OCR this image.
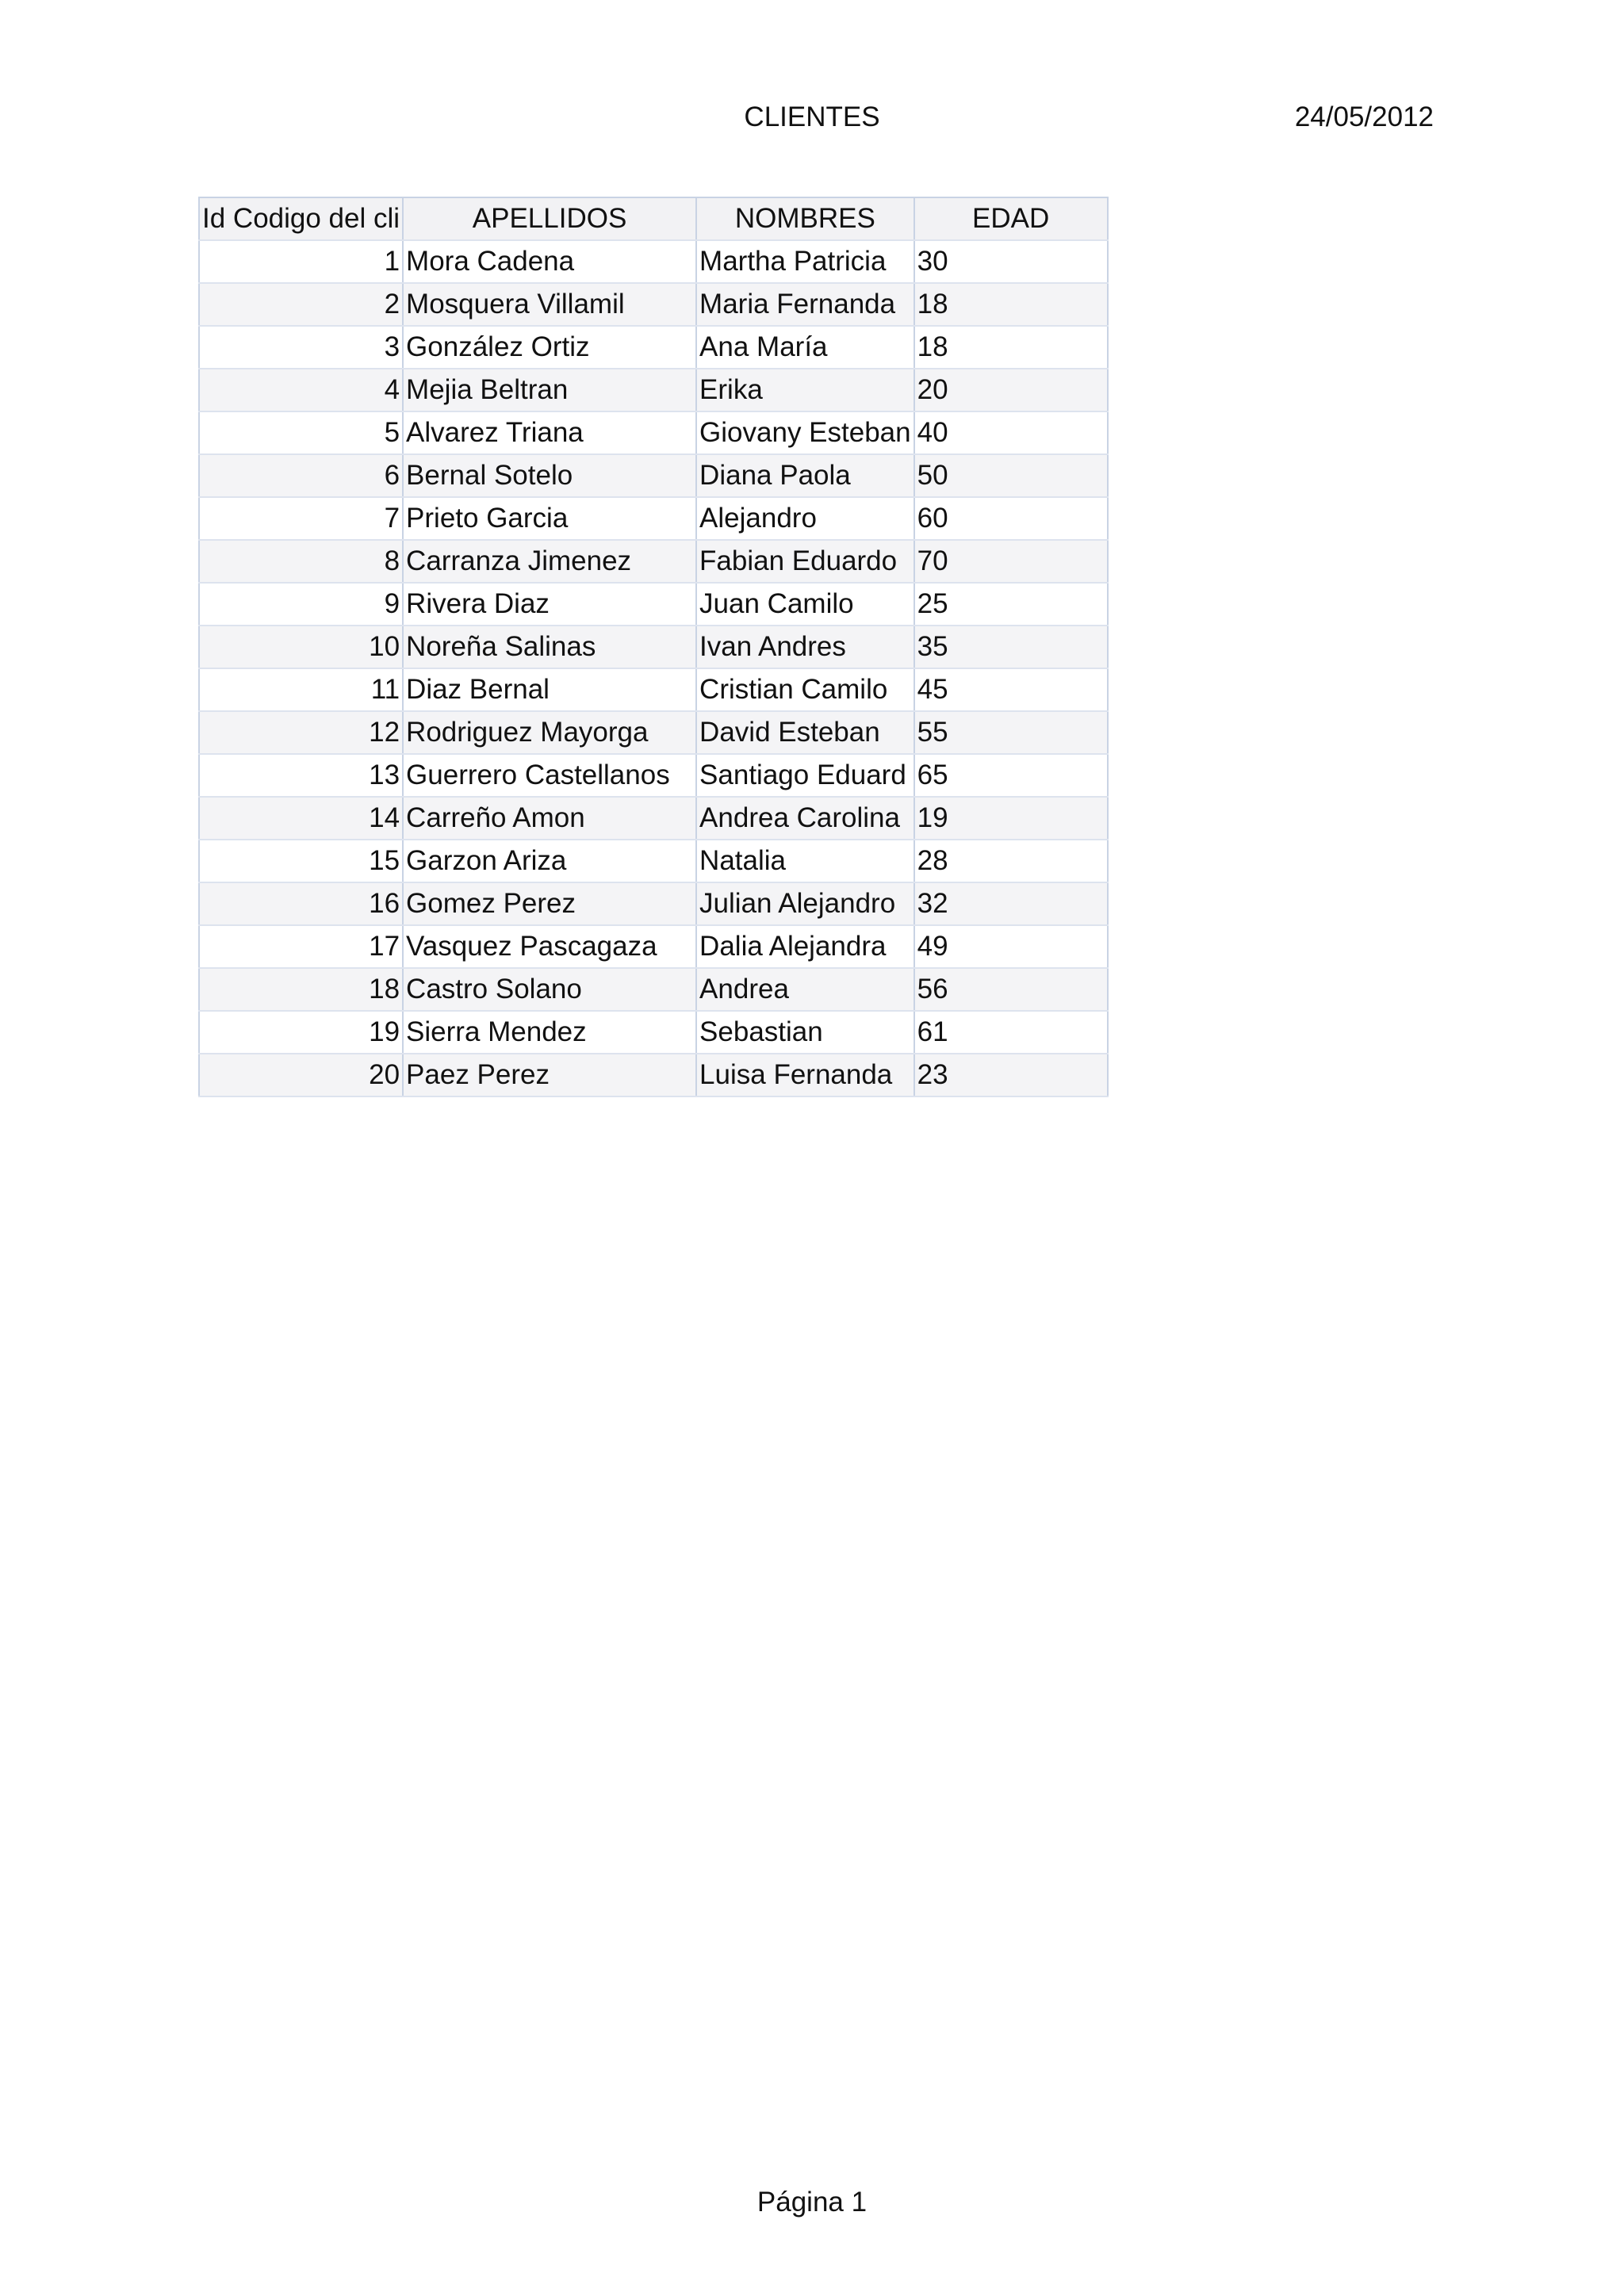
CLIENTES	24/05/2012
Id Codigo del cli	APELLIDOS	NOMBRES	EDAD
1	Mora Cadena	Martha Patricia	30
2	Mosquera Villamil	Maria Fernanda	18
3	González Ortiz	Ana María	18
4	Mejia Beltran	Erika	20
5	Alvarez Triana	Giovany Esteban	40
6	Bernal Sotelo	Diana Paola	50
7	Prieto Garcia	Alejandro	60
8	Carranza Jimenez	Fabian Eduardo	70
9	Rivera Diaz	Juan Camilo	25
10	Noreña Salinas	Ivan Andres	35
11	Diaz Bernal	Cristian Camilo	45
12	Rodriguez Mayorga	David Esteban	55
13	Guerrero Castellanos	Santiago Eduard	65
14	Carreño Amon	Andrea Carolina	19
15	Garzon Ariza	Natalia	28
16	Gomez Perez	Julian Alejandro	32
17	Vasquez Pascagaza	Dalia Alejandra	49
18	Castro Solano	Andrea	56
19	Sierra Mendez	Sebastian	61
20	Paez Perez	Luisa Fernanda	23
Página 1
